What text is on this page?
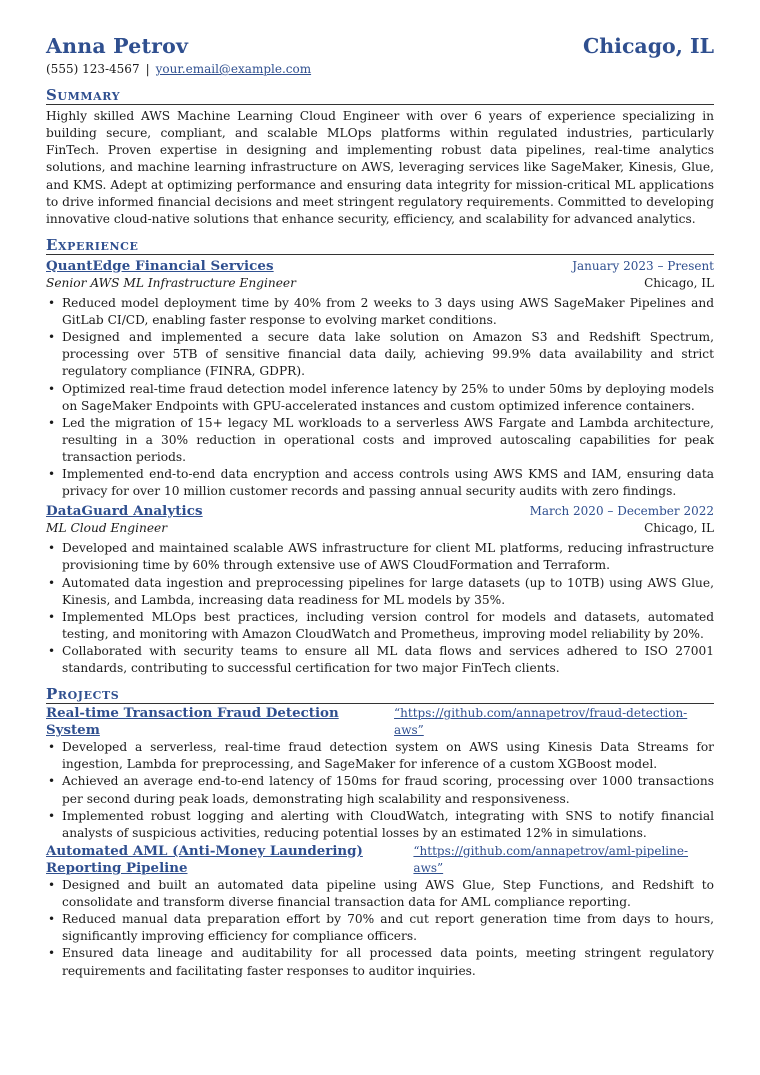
Anna Petrov	Chicago, IL
(555) 123-4567 | your.email@example.com
Summary

Highly skilled AWS Machine Learning Cloud Engineer with over 6 years of experience specializing in building secure, compliant, and scalable MLOps platforms within regulated industries, particularly FinTech. Proven expertise in designing and implementing robust data pipelines, real-time analytics solutions, and machine learning infrastructure on AWS, leveraging services like SageMaker, Kinesis, Glue, and KMS. Adept at optimizing performance and ensuring data integrity for mission-critical ML applications to drive informed financial decisions and meet stringent regulatory requirements. Committed to developing innovative cloud-native solutions that enhance security, efficiency, and scalability for advanced analytics.

Experience
QuantEdge Financial Services	January 2023 – Present
Senior AWS ML Infrastructure Engineer	Chicago, IL
• Reduced model deployment time by 40% from 2 weeks to 3 days using AWS SageMaker Pipelines and GitLab CI/CD, enabling faster response to evolving market conditions.
• Designed and implemented a secure data lake solution on Amazon S3 and Redshift Spectrum, processing over 5TB of sensitive financial data daily, achieving 99.9% data availability and strict regulatory compliance (FINRA, GDPR).
• Optimized real-time fraud detection model inference latency by 25% to under 50ms by deploying models on SageMaker Endpoints with GPU-accelerated instances and custom optimized inference containers.
• Led the migration of 15+ legacy ML workloads to a serverless AWS Fargate and Lambda architecture, resulting in a 30% reduction in operational costs and improved autoscaling capabilities for peak transaction periods.
• Implemented end-to-end data encryption and access controls using AWS KMS and IAM, ensuring data privacy for over 10 million customer records and passing annual security audits with zero findings.
DataGuard Analytics	March 2020 – December 2022
ML Cloud Engineer	Chicago, IL
• Developed and maintained scalable AWS infrastructure for client ML platforms, reducing infrastructure provisioning time by 60% through extensive use of AWS CloudFormation and Terraform.
• Automated data ingestion and preprocessing pipelines for large datasets (up to 10TB) using AWS Glue, Kinesis, and Lambda, increasing data readiness for ML models by 35%.
• Implemented MLOps best practices, including version control for models and datasets, automated testing, and monitoring with Amazon CloudWatch and Prometheus, improving model reliability by 20%.
• Collaborated with security teams to ensure all ML data flows and services adhered to ISO 27001 standards, contributing to successful certification for two major FinTech clients.
Projects
Real-time Transaction Fraud Detection System
“https://github.com/annapetrov/fraud-detection-aws”
• Developed a serverless, real-time fraud detection system on AWS using Kinesis Data Streams for ingestion, Lambda for preprocessing, and SageMaker for inference of a custom XGBoost model.
• Achieved an average end-to-end latency of 150ms for fraud scoring, processing over 1000 transactions per second during peak loads, demonstrating high scalability and responsiveness.
• Implemented robust logging and alerting with CloudWatch, integrating with SNS to notify financial analysts of suspicious activities, reducing potential losses by an estimated 12% in simulations.
Automated AML (Anti-Money Laundering) Reporting Pipeline
“https://github.com/annapetrov/aml-pipeline-aws”
• Designed and built an automated data pipeline using AWS Glue, Step Functions, and Redshift to consolidate and transform diverse financial transaction data for AML compliance reporting.
• Reduced manual data preparation effort by 70% and cut report generation time from days to hours, significantly improving efficiency for compliance officers.
• Ensured data lineage and auditability for all processed data points, meeting stringent regulatory requirements and facilitating faster responses to auditor inquiries.
